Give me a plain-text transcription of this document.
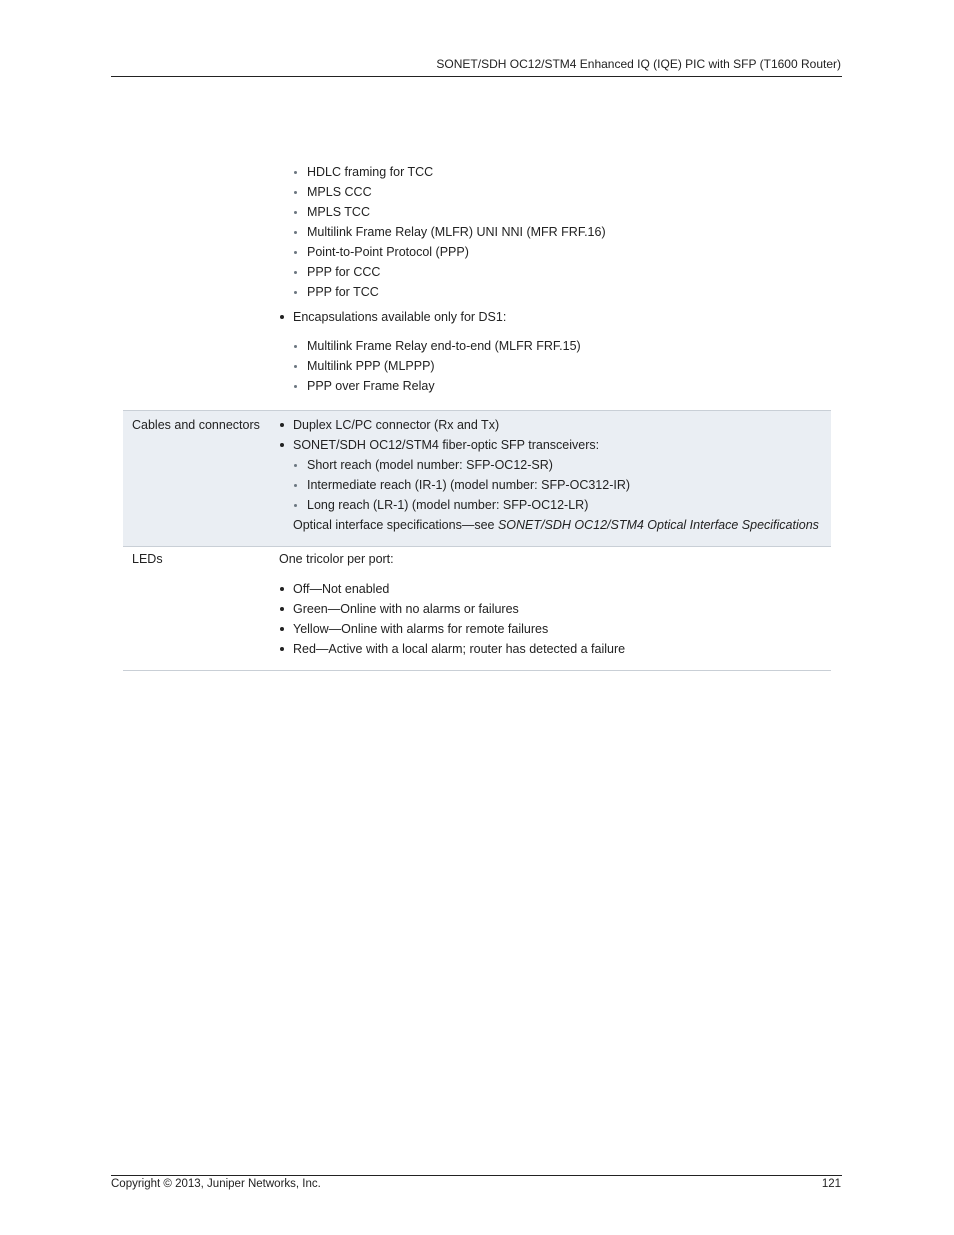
SONET/SDH OC12/STM4 Enhanced IQ (IQE) PIC with SFP (T1600 Router)
HDLC framing for TCC
MPLS CCC
MPLS TCC
Multilink Frame Relay (MLFR) UNI NNI (MFR FRF.16)
Point-to-Point Protocol (PPP)
PPP for CCC
PPP for TCC
Encapsulations available only for DS1:
Multilink Frame Relay end-to-end (MLFR FRF.15)
Multilink PPP (MLPPP)
PPP over Frame Relay
Cables and connectors	Duplex LC/PC connector (Rx and Tx)
SONET/SDH OC12/STM4 fiber-optic SFP transceivers:
Short reach (model number: SFP-OC12-SR)
Intermediate reach (IR-1) (model number: SFP-OC312-IR)
Long reach (LR-1) (model number: SFP-OC12-LR)
Optical interface specifications—see SONET/SDH OC12/STM4 Optical Interface Specifications
LEDs	One tricolor per port:
Off—Not enabled
Green—Online with no alarms or failures
Yellow—Online with alarms for remote failures
Red—Active with a local alarm; router has detected a failure
Copyright © 2013, Juniper Networks, Inc.	121
